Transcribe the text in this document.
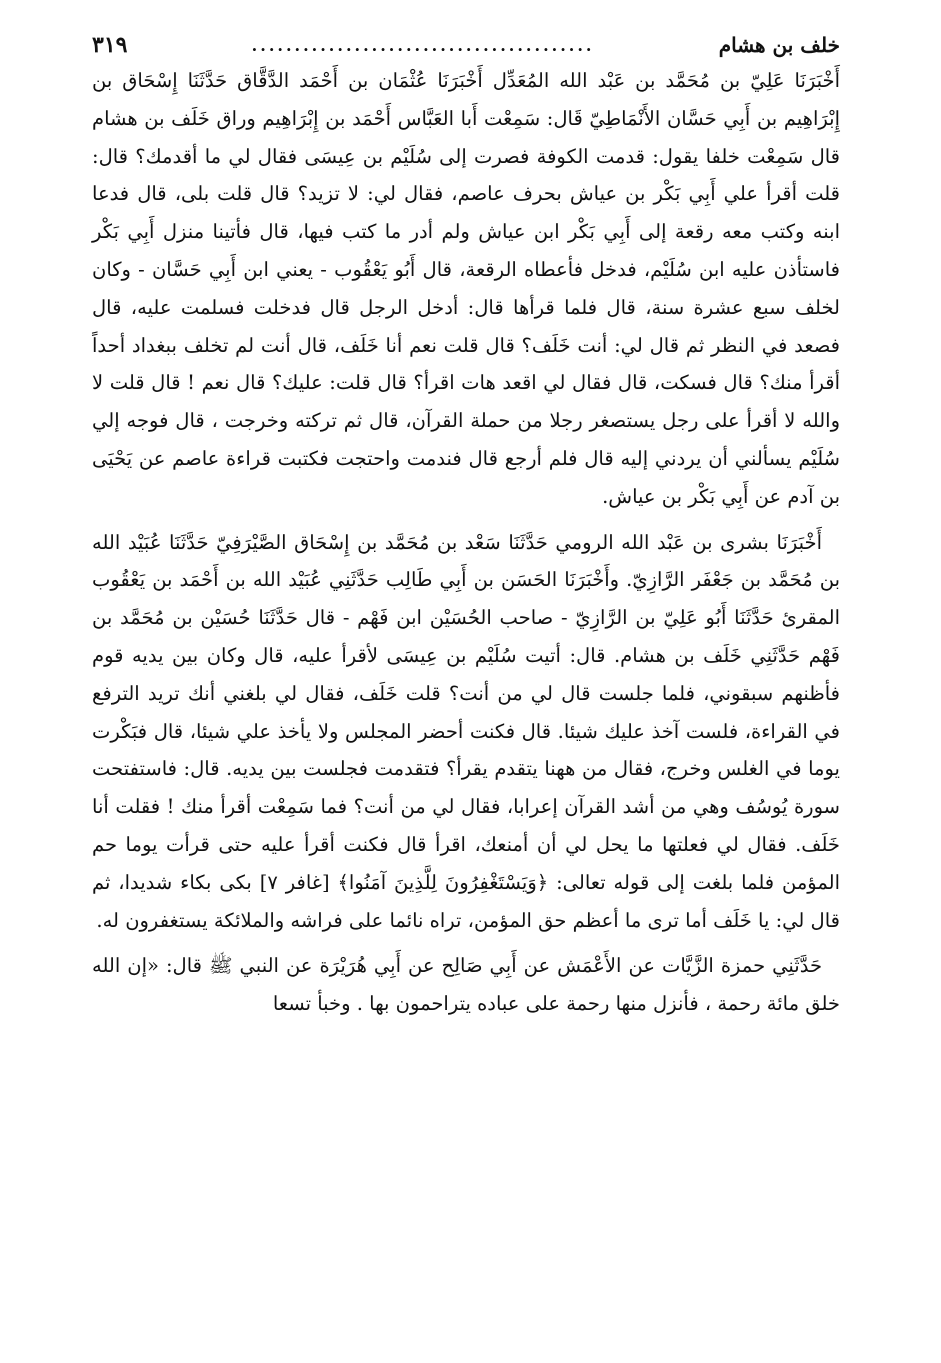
خلف بن هشام
........................................
٣١٩

أَخْبَرَنَا عَلِيّ بن مُحَمَّد بن عَبْد الله المُعَدِّل أَخْبَرَنَا عُثْمَان بن أَحْمَد الدَّقَّاق حَدَّثَنَا إِسْحَاق بن إِبْرَاهِيم بن أَبِي حَسَّان الأَنْمَاطِيّ قَال: سَمِعْت أَبا العَبَّاس أَحْمَد بن إِبْرَاهِيم وراق خَلَف بن هشام قال سَمِعْت خلفا يقول: قدمت الكوفة فصرت إلى سُلَيْم بن عِيسَى فقال لي ما أقدمك؟ قال: قلت أقرأ علي أَبِي بَكْر بن عياش بحرف عاصم، فقال لي: لا تزيد؟ قال قلت بلى، قال فدعا ابنه وكتب معه رقعة إلى أَبِي بَكْر ابن عياش ولم أدر ما كتب فيها، قال فأتينا منزل أَبِي بَكْر فاستأذن عليه ابن سُلَيْم، فدخل فأعطاه الرقعة، قال أَبُو يَعْقُوب - يعني ابن أَبِي حَسَّان - وكان لخلف سبع عشرة سنة، قال فلما قرأها قال: أدخل الرجل قال فدخلت فسلمت عليه، قال فصعد في النظر ثم قال لي: أنت خَلَف؟ قال قلت نعم أنا خَلَف، قال أنت لم تخلف ببغداد أحداً أقرأ منك؟ قال فسكت، قال فقال لي اقعد هات اقرأ؟ قال قلت: عليك؟ قال نعم ! قال قلت لا والله لا أقرأ على رجل يستصغر رجلا من حملة القرآن، قال ثم تركته وخرجت ، قال فوجه إلي سُلَيْم يسألني أن يردني إليه قال فلم أرجع قال فندمت واحتجت فكتبت قراءة عاصم عن يَحْيَى بن آدم عن أَبِي بَكْر بن عياش.

أَخْبَرَنَا بشرى بن عَبْد الله الرومي حَدَّثَنَا سَعْد بن مُحَمَّد بن إِسْحَاق الصَّيْرَفِيّ حَدَّثَنَا عُبَيْد الله بن مُحَمَّد بن جَعْفَر الرَّازِيّ. وأَخْبَرَنَا الحَسَن بن أَبِي طَالِب حَدَّثَنِي عُبَيْد الله بن أَحْمَد بن يَعْقُوب المقرئ حَدَّثَنَا أَبُو عَلِيّ بن الرَّازِيّ - صاحب الحُسَيْن ابن فَهْم - قال حَدَّثَنَا حُسَيْن بن مُحَمَّد بن فَهْم حَدَّثَنِي خَلَف بن هشام. قال: أتيت سُلَيْم بن عِيسَى لأقرأ عليه، قال وكان بين يديه قوم فأظنهم سبقوني، فلما جلست قال لي من أنت؟ قلت خَلَف، فقال لي بلغني أنك تريد الترفع في القراءة، فلست آخذ عليك شيئا. قال فكنت أحضر المجلس ولا يأخذ علي شيئا، قال فبَكْرت يوما في الغلس وخرج، فقال من ههنا يتقدم يقرأ؟ فتقدمت فجلست بين يديه. قال: فاستفتحت سورة يُوسُف وهي من أشد القرآن إعرابا، فقال لي من أنت؟ فما سَمِعْت أقرأ منك ! فقلت أنا خَلَف. فقال لي فعلتها ما يحل لي أن أمنعك، اقرأ قال فكنت أقرأ عليه حتى قرأت يوما حم المؤمن فلما بلغت إلى قوله تعالى: ﴿وَيَسْتَغْفِرُونَ لِلَّذِينَ آمَنُوا﴾ [غافر ٧] بكى بكاء شديدا، ثم قال لي: يا خَلَف أما ترى ما أعظم حق المؤمن، تراه نائما على فراشه والملائكة يستغفرون له.

حَدَّثَنِي حمزة الزَّيَّات عن الأَعْمَش عن أَبِي صَالِح عن أَبِي هُرَيْرَة عن النبي ﷺ قال: «إن الله خلق مائة رحمة ، فأنزل منها رحمة على عباده يتراحمون بها . وخبأ تسعا
